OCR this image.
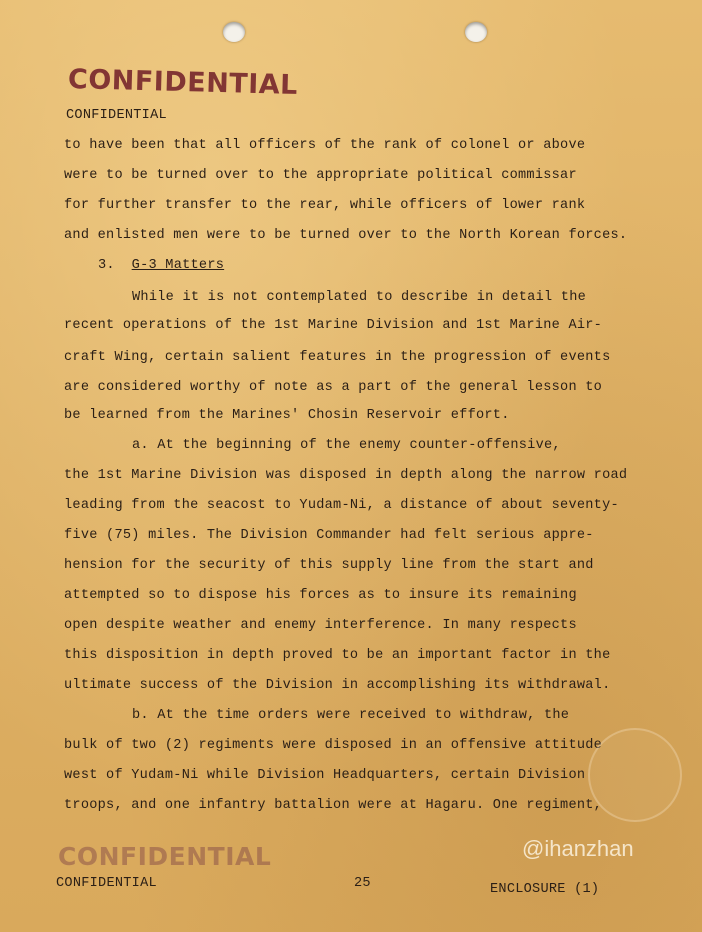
CONFIDENTIAL
CONFIDENTIAL
to have been that all officers of the rank of colonel or above
were to be turned over to the appropriate political commissar
for further transfer to the rear, while officers of lower rank
and enlisted men were to be turned over to the North Korean forces.
3. G-3 Matters
While it is not contemplated to describe in detail the
recent operations of the 1st Marine Division and 1st Marine Air-
craft Wing, certain salient features in the progression of events
are considered worthy of note as a part of the general lesson to
be learned from the Marines' Chosin Reservoir effort.
a. At the beginning of the enemy counter-offensive,
the 1st Marine Division was disposed in depth along the narrow road
leading from the seacost to Yudam-Ni, a distance of about seventy-
five (75) miles. The Division Commander had felt serious appre-
hension for the security of this supply line from the start and
attempted so to dispose his forces as to insure its remaining
open despite weather and enemy interference. In many respects
this disposition in depth proved to be an important factor in the
ultimate success of the Division in accomplishing its withdrawal.
b. At the time orders were received to withdraw, the
bulk of two (2) regiments were disposed in an offensive attitude
west of Yudam-Ni while Division Headquarters, certain Division
troops, and one infantry battalion were at Hagaru. One regiment,
CONFIDENTIAL	@ihanzhan
CONFIDENTIAL	25	ENCLOSURE (1)
